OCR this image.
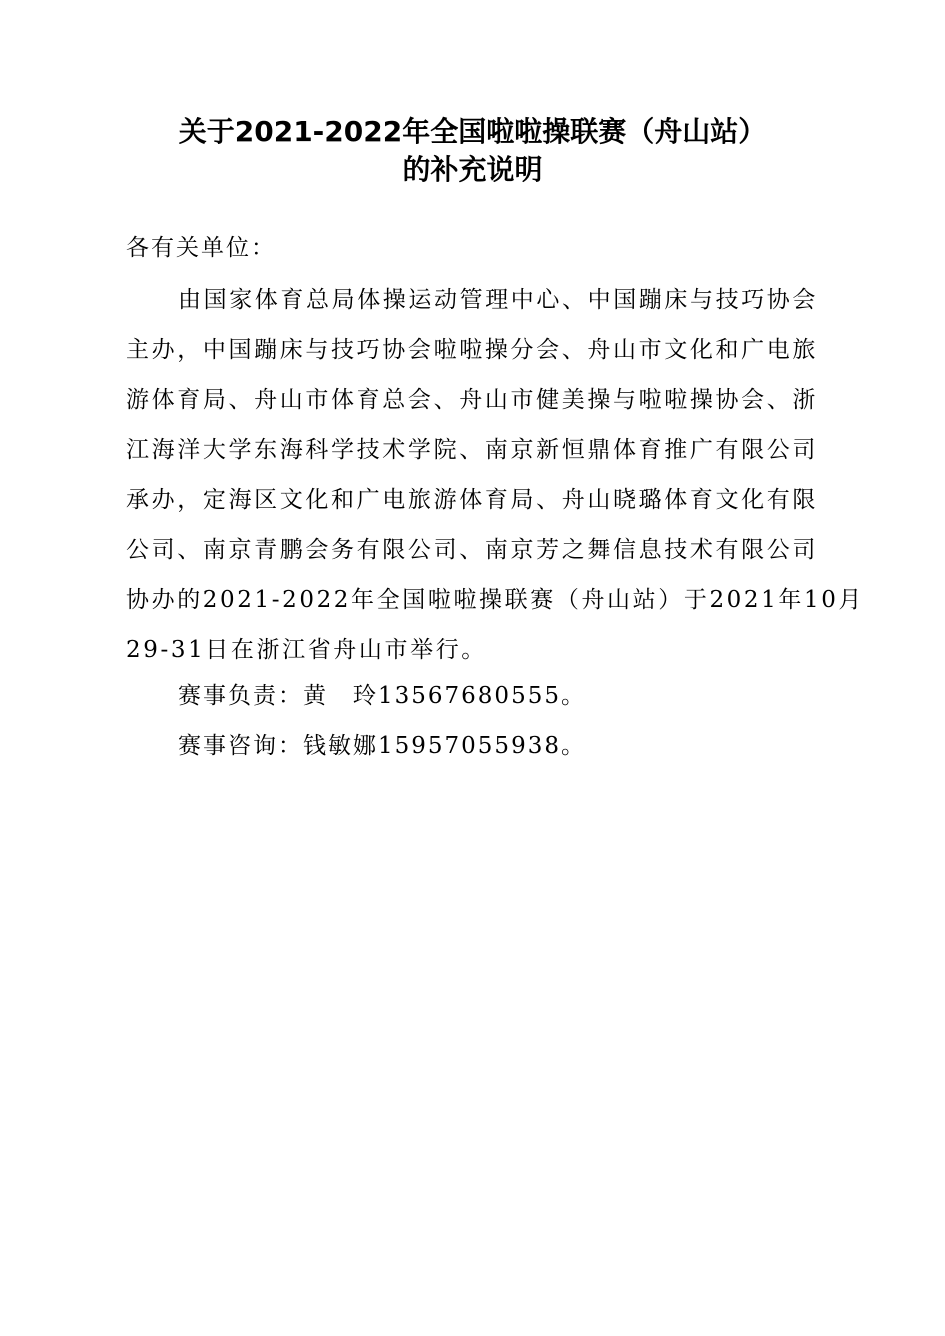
关于2021-2022年全国啦啦操联赛（舟山站）
的补充说明

各有关单位：

由国家体育总局体操运动管理中心、中国蹦床与技巧协会
主办，中国蹦床与技巧协会啦啦操分会、舟山市文化和广电旅
游体育局、舟山市体育总会、舟山市健美操与啦啦操协会、浙
江海洋大学东海科学技术学院、南京新恒鼎体育推广有限公司
承办，定海区文化和广电旅游体育局、舟山晓璐体育文化有限
公司、南京青鹏会务有限公司、南京芳之舞信息技术有限公司
协办的2021-2022年全国啦啦操联赛（舟山站）于2021年10月
29-31日在浙江省舟山市举行。

赛事负责：黄　玲13567680555。

赛事咨询：钱敏娜15957055938。
